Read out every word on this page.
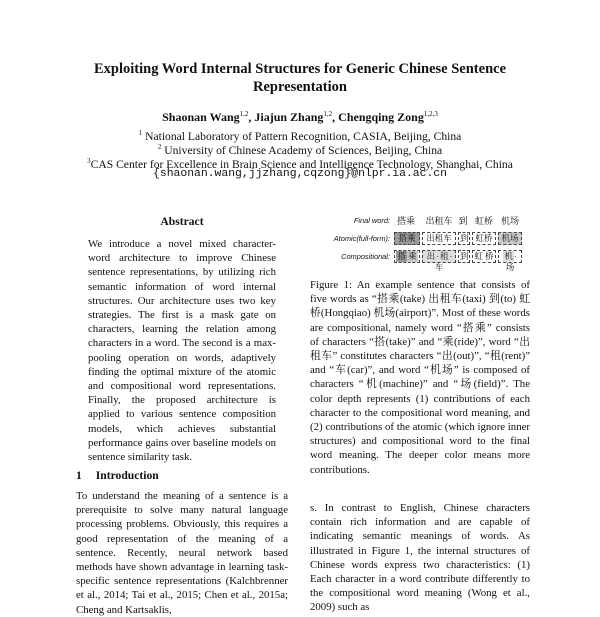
Exploiting Word Internal Structures for Generic Chinese Sentence Representation
Shaonan Wang$^{1,2}$, Jiajun Zhang$^{1,2}$, Chengqing Zong$^{1,2,3}$
$^1$ National Laboratory of Pattern Recognition, CASIA, Beijing, China
$^2$ University of Chinese Academy of Sciences, Beijing, China
$^3$CAS Center for Excellence in Brain Science and Intelligence Technology, Shanghai, China
{shaonan.wang,jjzhang,cqzong}@nlpr.ia.ac.cn
Abstract

We introduce a novel mixed character-word architecture to improve Chinese sentence representations, by utilizing rich semantic information of word internal structures. Our architecture uses two key strategies. The first is a mask gate on characters, learning the relation among characters in a word. The second is a max-pooling operation on words, adaptively finding the optimal mixture of the atomic and compositional word representations. Finally, the proposed architecture is applied to various sentence composition models, which achieves substantial performance gains over baseline models on sentence similarity task.

1 Introduction

To understand the meaning of a sentence is a prerequisite to solve many natural language processing problems. Obviously, this requires a good representation of the meaning of a sentence. Recently, neural network based methods have shown advantage in learning task-specific sentence representations (Kalchbrenner et al., 2014; Tai et al., 2015; Chen et al., 2015a; Cheng and Kartsaklis,

Final word:
Atomic(full-form):
Compositional:
搭乘	出租车 到 虹桥 机场
搭乘	出租车 到 虹桥	机场
搭 乘	出·租·车
到 虹 桥	机·场

Figure 1: An example sentence that consists of five words as “搭乘(take) 出租车(taxi) 到(to) 虹桥(Hongqiao) 机场(airport)”. Most of these words are compositional, namely word “搭乘” consists of characters “搭(take)” and “乘(ride)”, word “出租车” constitutes characters “出(out)”, “租(rent)” and “车(car)”, and word “机场” is composed of characters “机(machine)” and “场(field)”. The color depth represents (1) contributions of each character to the compositional word meaning, and (2) contributions of the atomic (which ignore inner structures) and compositional word to the final word meaning. The deeper color means more contributions.

s. In contrast to English, Chinese characters contain rich information and are capable of indicating semantic meanings of words. As illustrated in Figure 1, the internal structures of Chinese words express two characteristics: (1) Each character in a word contribute differently to the compositional word meaning (Wong et al., 2009) such as
